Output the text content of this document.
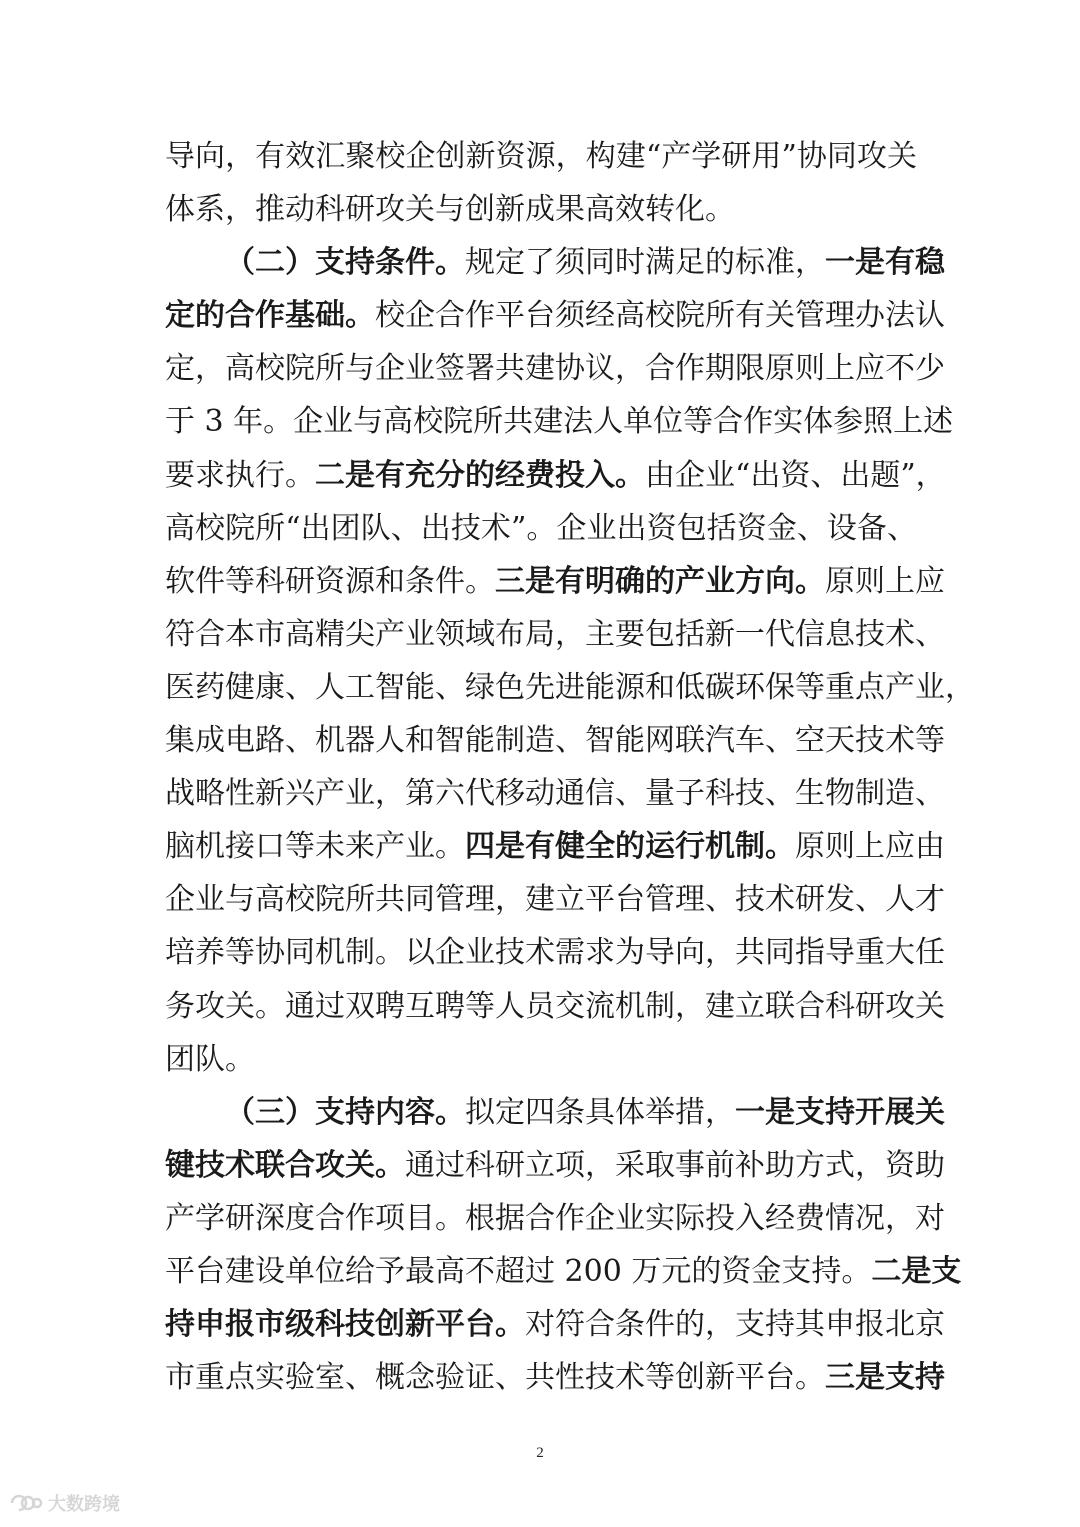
导向，有效汇聚校企创新资源，构建“产学研用”协同攻关
体系，推动科研攻关与创新成果高效转化。
（二）支持条件。规定了须同时满足的标准，一是有稳
定的合作基础。校企合作平台须经高校院所有关管理办法认
定，高校院所与企业签署共建协议，合作期限原则上应不少
于 3 年。企业与高校院所共建法人单位等合作实体参照上述
要求执行。二是有充分的经费投入。由企业“出资、出题”，
高校院所“出团队、出技术”。企业出资包括资金、设备、
软件等科研资源和条件。三是有明确的产业方向。原则上应
符合本市高精尖产业领域布局，主要包括新一代信息技术、
医药健康、人工智能、绿色先进能源和低碳环保等重点产业，
集成电路、机器人和智能制造、智能网联汽车、空天技术等
战略性新兴产业，第六代移动通信、量子科技、生物制造、
脑机接口等未来产业。四是有健全的运行机制。原则上应由
企业与高校院所共同管理，建立平台管理、技术研发、人才
培养等协同机制。以企业技术需求为导向，共同指导重大任
务攻关。通过双聘互聘等人员交流机制，建立联合科研攻关
团队。
（三）支持内容。拟定四条具体举措，一是支持开展关
键技术联合攻关。通过科研立项，采取事前补助方式，资助
产学研深度合作项目。根据合作企业实际投入经费情况，对
平台建设单位给予最高不超过 200 万元的资金支持。二是支
持申报市级科技创新平台。对符合条件的，支持其申报北京
市重点实验室、概念验证、共性技术等创新平台。三是支持
2
大数跨境
